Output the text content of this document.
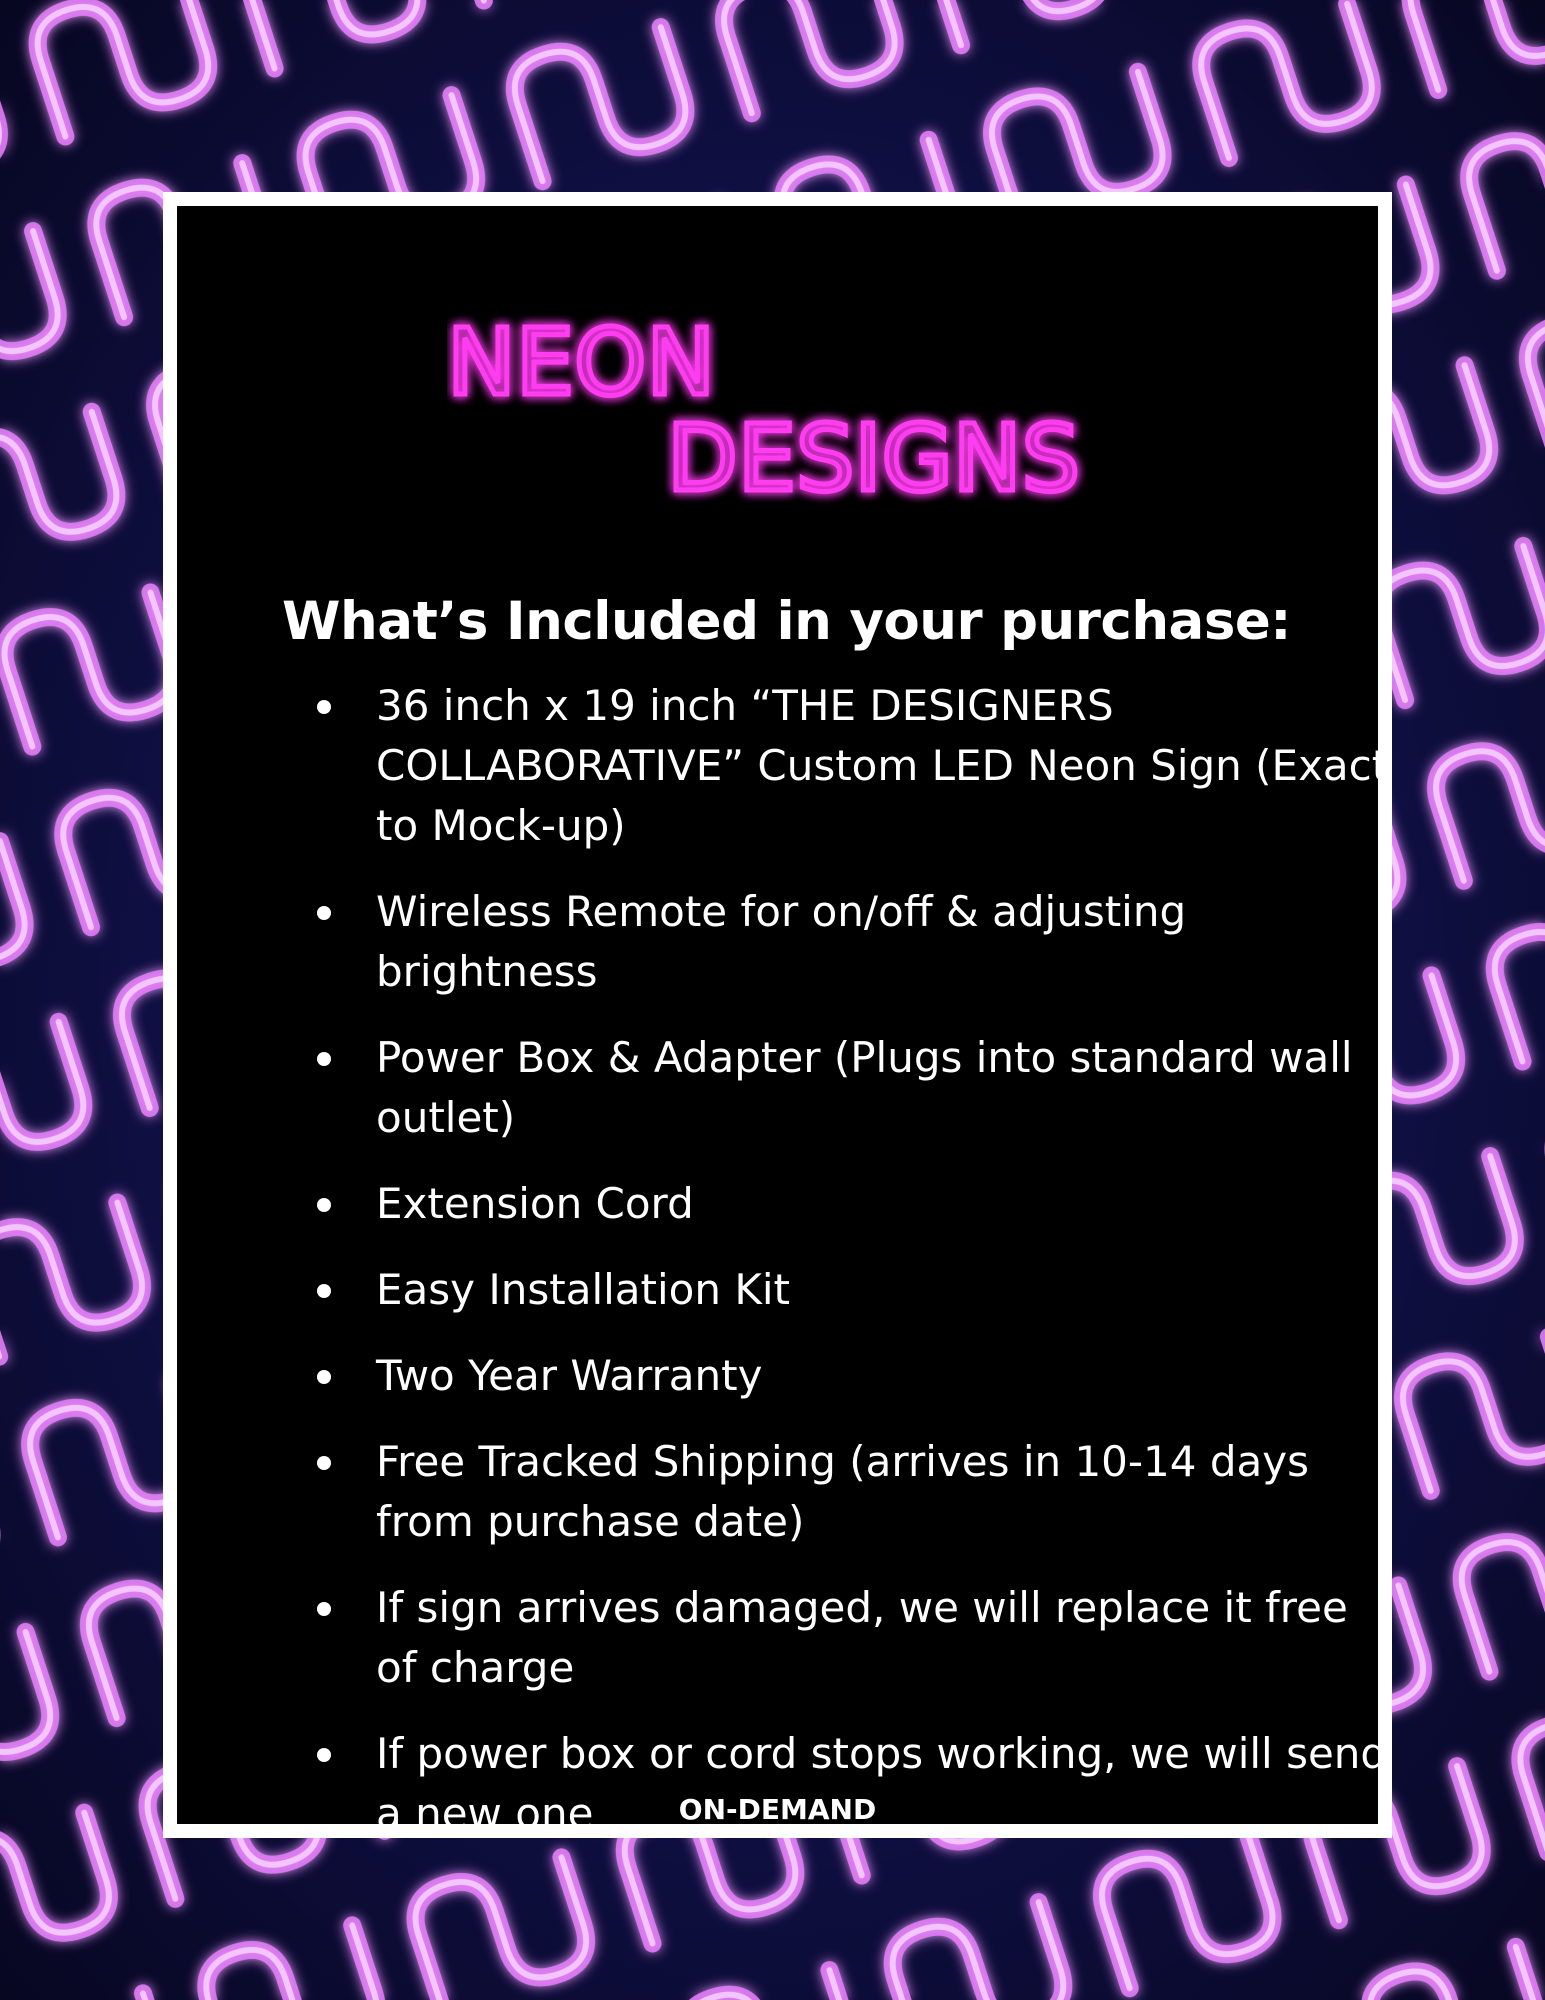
NEON
DESIGNS
What’s Included in your purchase:
36 inch x 19 inch “THE DESIGNERS COLLABORATIVE” Custom LED Neon Sign (Exact to Mock-up)
Wireless Remote for on/off & adjusting brightness
Power Box & Adapter (Plugs into standard wall outlet)
Extension Cord
Easy Installation Kit
Two Year Warranty
Free Tracked Shipping (arrives in 10-14 days from purchase date)
If sign arrives damaged, we will replace it free of charge
If power box or cord stops working, we will send a new one	ON-DEMAND
